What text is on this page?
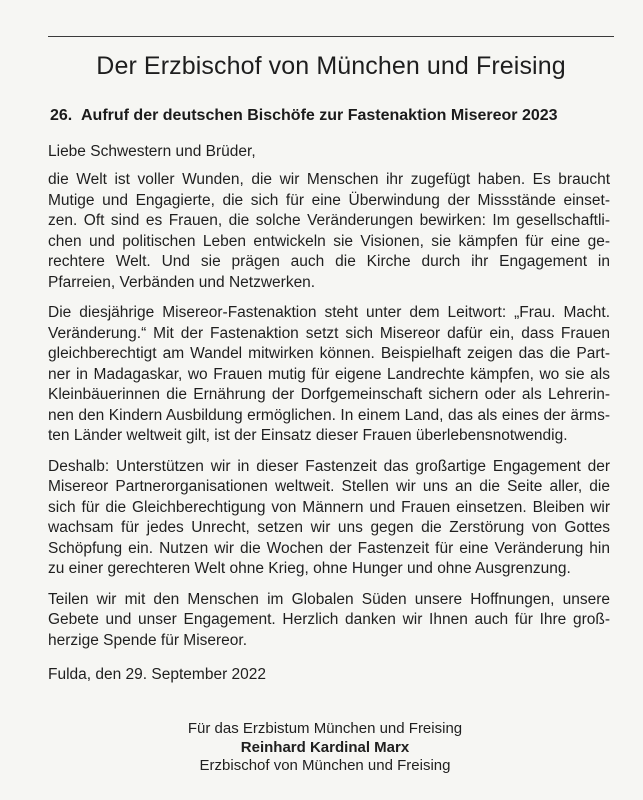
Der Erzbischof von München und Freising
26. Aufruf der deutschen Bischöfe zur Fastenaktion Misereor 2023
Liebe Schwestern und Brüder,
die Welt ist voller Wunden, die wir Menschen ihr zugefügt haben. Es braucht
Mutige und Engagierte, die sich für eine Überwindung der Missstände einset-
zen. Oft sind es Frauen, die solche Veränderungen bewirken: Im gesellschaftli-
chen und politischen Leben entwickeln sie Visionen, sie kämpfen für eine ge-
rechtere Welt. Und sie prägen auch die Kirche durch ihr Engagement in
Pfarreien, Verbänden und Netzwerken.
Die diesjährige Misereor-Fastenaktion steht unter dem Leitwort: „Frau. Macht.
Veränderung.“ Mit der Fastenaktion setzt sich Misereor dafür ein, dass Frauen
gleichberechtigt am Wandel mitwirken können. Beispielhaft zeigen das die Part-
ner in Madagaskar, wo Frauen mutig für eigene Landrechte kämpfen, wo sie als
Kleinbäuerinnen die Ernährung der Dorfgemeinschaft sichern oder als Lehrerin-
nen den Kindern Ausbildung ermöglichen. In einem Land, das als eines der ärms-
ten Länder weltweit gilt, ist der Einsatz dieser Frauen überlebensnotwendig.
Deshalb: Unterstützen wir in dieser Fastenzeit das großartige Engagement der
Misereor Partnerorganisationen weltweit. Stellen wir uns an die Seite aller, die
sich für die Gleichberechtigung von Männern und Frauen einsetzen. Bleiben wir
wachsam für jedes Unrecht, setzen wir uns gegen die Zerstörung von Gottes
Schöpfung ein. Nutzen wir die Wochen der Fastenzeit für eine Veränderung hin
zu einer gerechteren Welt ohne Krieg, ohne Hunger und ohne Ausgrenzung.
Teilen wir mit den Menschen im Globalen Süden unsere Hoffnungen, unsere
Gebete und unser Engagement. Herzlich danken wir Ihnen auch für Ihre groß-
herzige Spende für Misereor.
Fulda, den 29. September 2022
Für das Erzbistum München und Freising
Reinhard Kardinal Marx
Erzbischof von München und Freising
